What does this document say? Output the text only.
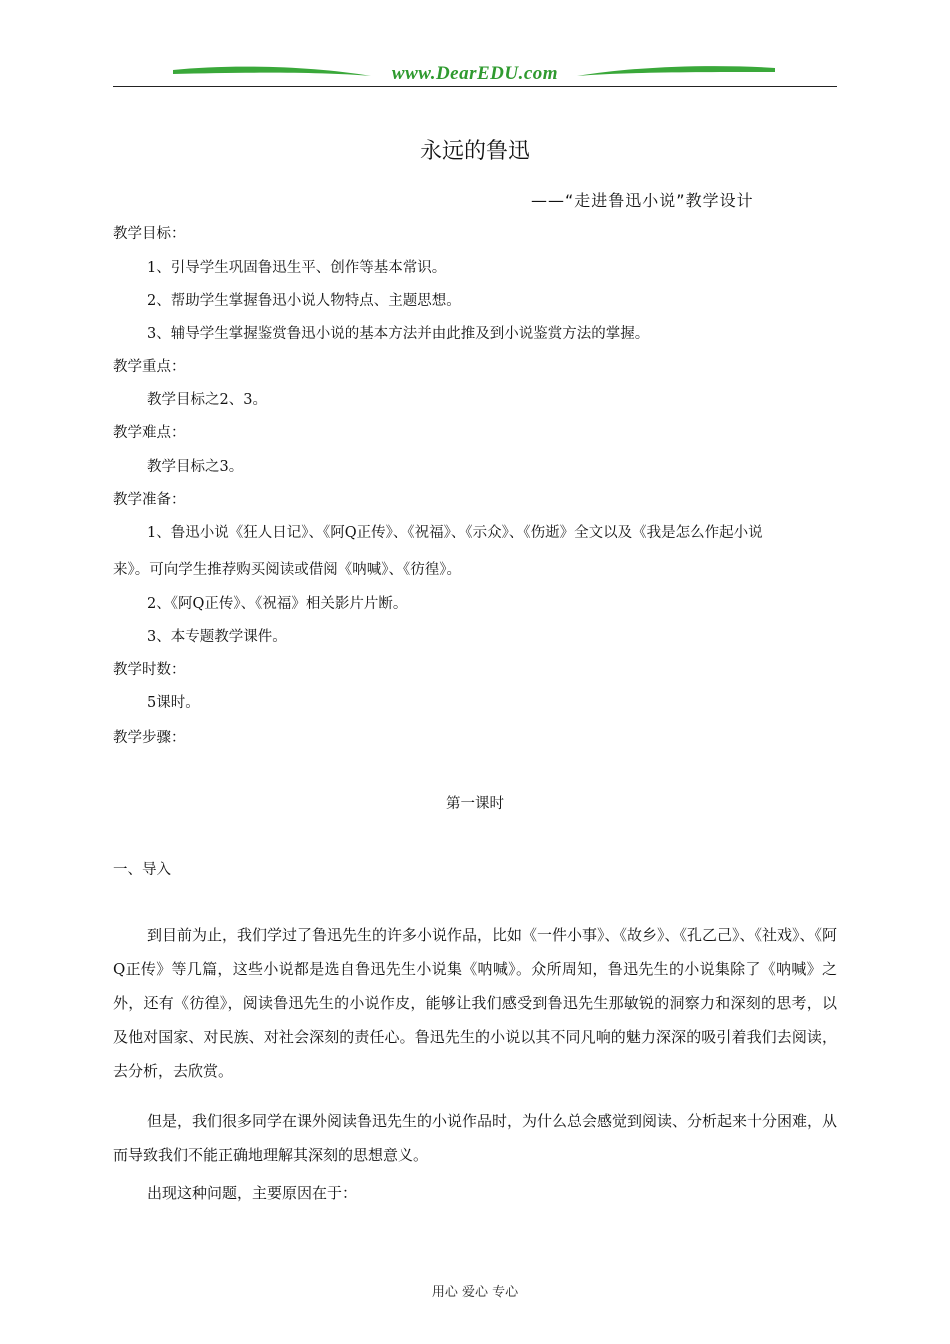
www.DearEDU.com
永远的鲁迅
——“走进鲁迅小说”教学设计
教学目标：
1、引导学生巩固鲁迅生平、创作等基本常识。
2、帮助学生掌握鲁迅小说人物特点、主题思想。
3、辅导学生掌握鉴赏鲁迅小说的基本方法并由此推及到小说鉴赏方法的掌握。
教学重点：
教学目标之2、3。
教学难点：
教学目标之3。
教学准备：
1、鲁迅小说《狂人日记》、《阿Q正传》、《祝福》、《示众》、《伤逝》全文以及《我是怎么作起小说
来》。可向学生推荐购买阅读或借阅《呐喊》、《彷徨》。
2、《阿Q正传》、《祝福》相关影片片断。
3、本专题教学课件。
教学时数：
5课时。
教学步骤：
第一课时
一、导入
到目前为止，我们学过了鲁迅先生的许多小说作品，比如《一件小事》、《故乡》、《孔乙己》、《社戏》、《阿Q正传》等几篇，这些小说都是选自鲁迅先生小说集《呐喊》。众所周知，鲁迅先生的小说集除了《呐喊》之外，还有《彷徨》，阅读鲁迅先生的小说作皮，能够让我们感受到鲁迅先生那敏锐的洞察力和深刻的思考，以及他对国家、对民族、对社会深刻的责任心。鲁迅先生的小说以其不同凡响的魅力深深的吸引着我们去阅读，去分析，去欣赏。
但是，我们很多同学在课外阅读鲁迅先生的小说作品时，为什么总会感觉到阅读、分析起来十分困难，从而导致我们不能正确地理解其深刻的思想意义。
出现这种问题，主要原因在于：
用心 爱心 专心
